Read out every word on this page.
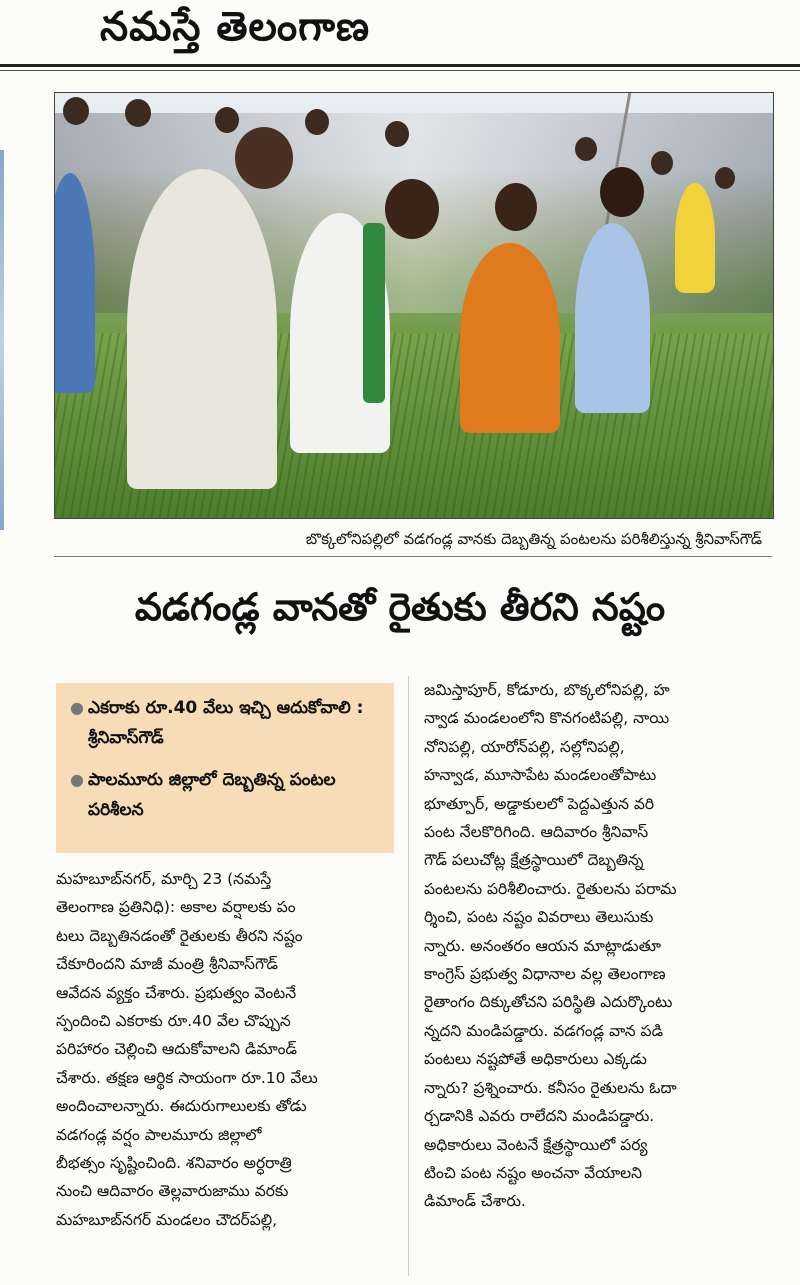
నమస్తే తెలంగాణ
బొక్కలోనిపల్లిలో వడగండ్ల వానకు దెబ్బతిన్న పంటలను పరిశీలిస్తున్న శ్రీనివాస్‌గౌడ్‌
వడగండ్ల వానతో రైతుకు తీరని నష్టం
● ఎకరాకు రూ.40 వేలు ఇచ్చి ఆదుకోవాలి : శ్రీనివాస్‌గౌడ్‌
● పాలమూరు జిల్లాలో దెబ్బతిన్న పంటల పరిశీలన
మహబూబ్‌నగర్‌, మార్చి 23 (నమస్తే
తెలంగాణ ప్రతినిధి): అకాల వర్షాలకు పం
టలు దెబ్బతినడంతో రైతులకు తీరని నష్టం
చేకూరిందని మాజీ మంత్రి శ్రీనివాస్‌గౌడ్‌
ఆవేదన వ్యక్తం చేశారు. ప్రభుత్వం వెంటనే
స్పందించి ఎకరాకు రూ.40 వేల చొప్పున
పరిహారం చెల్లించి ఆదుకోవాలని డిమాండ్‌
చేశారు. తక్షణ ఆర్థిక సాయంగా రూ.10 వేలు
అందించాలన్నారు. ఈదురుగాలులకు తోడు
వడగండ్ల వర్షం పాలమూరు జిల్లాలో
బీభత్సం సృష్టించింది. శనివారం అర్ధరాత్రి
నుంచి ఆదివారం తెల్లవారుజాము వరకు
మహబూబ్‌నగర్‌ మండలం చౌదర్‌పల్లి,
జమిస్తాపూర్‌, కోడూరు, బొక్కలోనిపల్లి, హ
న్వాడ మండలంలోని కొనగంటిపల్లి, నాయి
నోనిపల్లి, యారోన్‌పల్లి, సల్లోనిపల్లి,
హన్వాడ, మూసాపేట మండలంతోపాటు
భూత్పూర్‌, అడ్డాకులలో పెద్దఎత్తున వరి
పంట నేలకొరిగింది. ఆదివారం శ్రీనివాస్‌
గౌడ్‌ పలుచోట్ల క్షేత్రస్థాయిలో దెబ్బతిన్న
పంటలను పరిశీలించారు. రైతులను పరామ
ర్శించి, పంట నష్టం వివరాలు తెలుసుకు
న్నారు. అనంతరం ఆయన మాట్లాడుతూ
కాంగ్రెస్‌ ప్రభుత్వ విధానాల వల్ల తెలంగాణ
రైతాంగం దిక్కుతోచని పరిస్థితి ఎదుర్కొంటు
న్నదని మండిపడ్డారు. వడగండ్ల వాన పడి
పంటలు నష్టపోతే అధికారులు ఎక్కడు
న్నారు? ప్రశ్నించారు. కనీసం రైతులను ఓదా
ర్చడానికి ఎవరు రాలేదని మండిపడ్డారు.
అధికారులు వెంటనే క్షేత్రస్థాయిలో పర్య
టించి పంట నష్టం అంచనా వేయాలని
డిమాండ్‌ చేశారు.
